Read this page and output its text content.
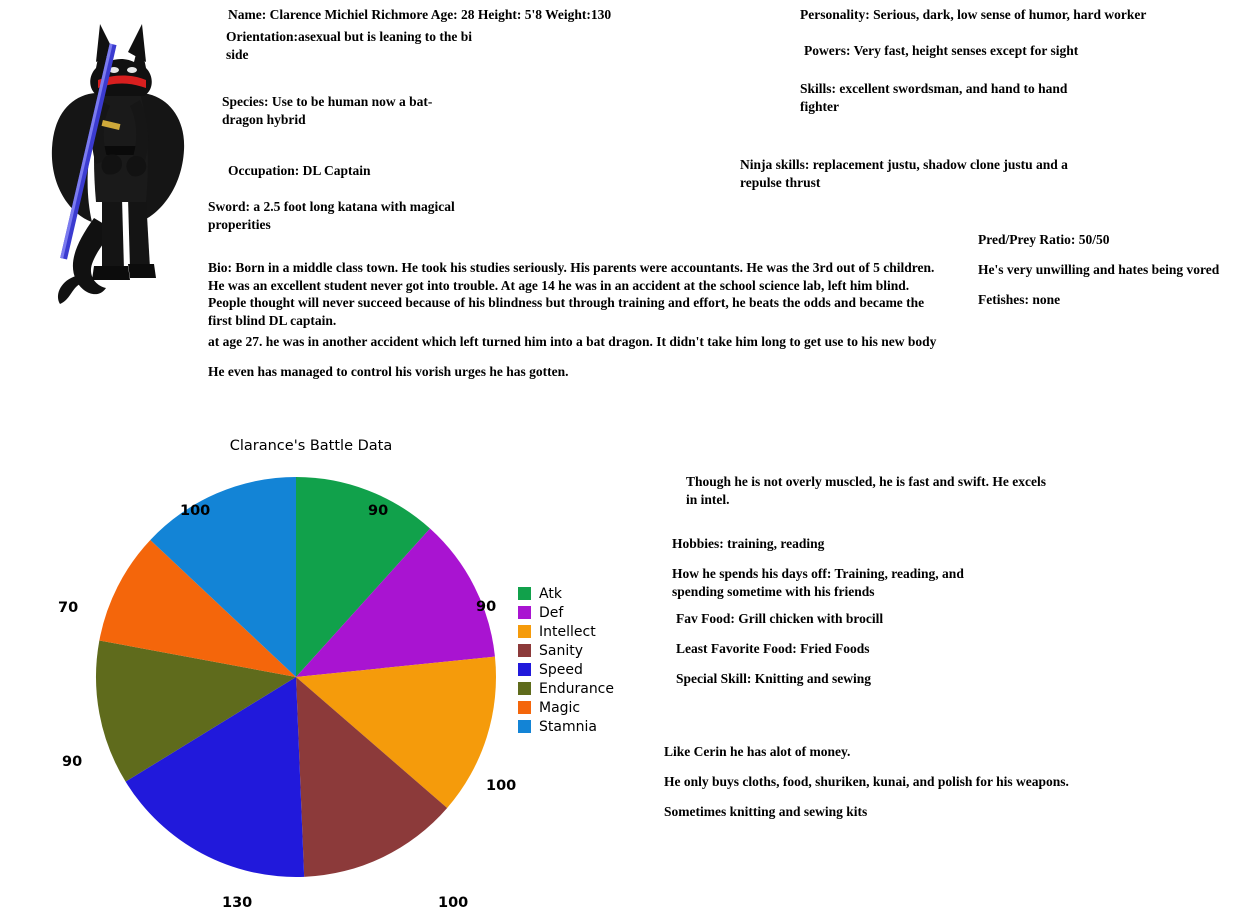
Name: Clarence Michiel Richmore Age: 28 Height: 5'8 Weight:130
Orientation:asexual but is leaning to the bi side
Species: Use to be human now a bat-dragon hybrid
Occupation: DL Captain
Sword: a 2.5 foot long katana with magical properities
Bio: Born in a middle class town. He took his studies seriously. His parents were accountants. He was the 3rd out of 5 children. He was an excellent student never got into trouble. At age 14 he was in an accident at the school science lab, left him blind. People thought will never succeed because of his blindness but through training and effort, he beats the odds and became the first blind DL captain.
at age 27. he was in another accident which left turned him into a bat dragon. It didn't take him long to get use to his new body
He even has managed to control his vorish urges he has gotten.
Personality: Serious, dark, low sense of humor, hard worker
Powers: Very fast, height senses except for sight
Skills: excellent swordsman, and hand to hand fighter
Ninja skills: replacement justu, shadow clone justu and a repulse thrust
Pred/Prey Ratio: 50/50
He's very unwilling and hates being vored
Fetishes: none
Though he is not overly muscled, he is fast and swift. He excels in intel.
Hobbies: training, reading
How he spends his days off: Training, reading, and spending sometime with his friends
Fav Food: Grill chicken with brocill
Least Favorite Food: Fried Foods
Special Skill: Knitting and sewing
Like Cerin he has alot of money.
He only buys cloths, food, shuriken, kunai, and polish for his weapons.
Sometimes knitting and sewing kits
Clarance's Battle Data
90
90
100
100
130
90
70
100
Atk
Def
Intellect
Sanity
Speed
Endurance
Magic
Stamnia
